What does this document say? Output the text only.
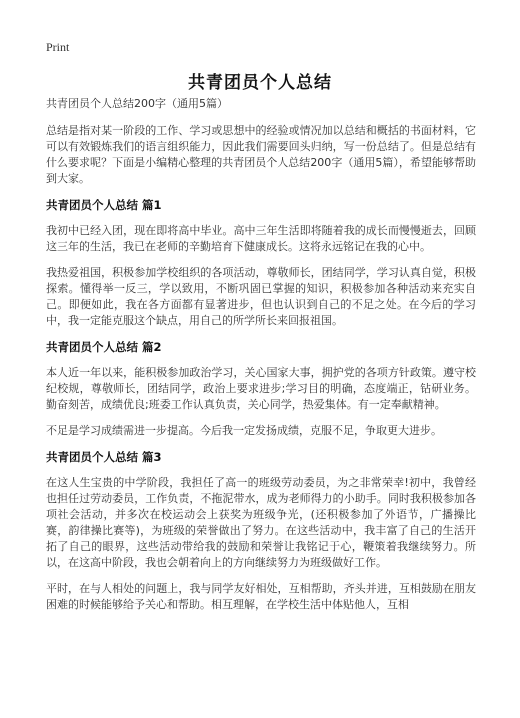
Print
共青团员个人总结
共青团员个人总结200字（通用5篇）

总结是指对某一阶段的工作、学习或思想中的经验或情况加以总结和概括的书面材料，它可以有效锻炼我们的语言组织能力，因此我们需要回头归纳，写一份总结了。但是总结有什么要求呢？下面是小编精心整理的共青团员个人总结200字（通用5篇），希望能够帮助到大家。

共青团员个人总结 篇1

我初中已经入团，现在即将高中毕业。高中三年生活即将随着我的成长而慢慢逝去，回顾这三年的生活，我已在老师的辛勤培育下健康成长。这将永远铭记在我的心中。

我热爱祖国，积极参加学校组织的各项活动，尊敬师长，团结同学，学习认真自觉，积极探索。懂得举一反三，学以致用，不断巩固已掌握的知识，积极参加各种活动来充实自己。即便如此，我在各方面都有显著进步，但也认识到自己的不足之处。在今后的学习中，我一定能克服这个缺点，用自己的所学所长来回报祖国。

共青团员个人总结 篇2

本人近一年以来，能积极参加政治学习，关心国家大事，拥护党的各项方针政策。遵守校纪校规，尊敬师长，团结同学，政治上要求进步;学习目的明确，态度端正，钻研业务。勤奋刻苦，成绩优良;班委工作认真负责，关心同学，热爱集体。有一定奉献精神。

不足是学习成绩需进一步提高。今后我一定发扬成绩，克服不足，争取更大进步。

共青团员个人总结 篇3

在这人生宝贵的中学阶段，我担任了高一的班级劳动委员，为之非常荣幸!初中，我曾经也担任过劳动委员，工作负责，不拖泥带水，成为老师得力的小助手。同时我积极参加各项社会活动，并多次在校运动会上获奖为班级争光，(还积极参加了外语节，广播操比赛，韵律操比赛等)，为班级的荣誉做出了努力。在这些活动中，我丰富了自己的生活开拓了自己的眼界，这些活动带给我的鼓励和荣誉让我铭记于心，鞭策着我继续努力。所以，在这高中阶段，我也会朝着向上的方向继续努力为班级做好工作。

平时，在与人相处的问题上，我与同学友好相处，互相帮助，齐头并进，互相鼓励在朋友困难的时候能够给予关心和帮助。相互理解，在学校生活中体贴他人，互相
